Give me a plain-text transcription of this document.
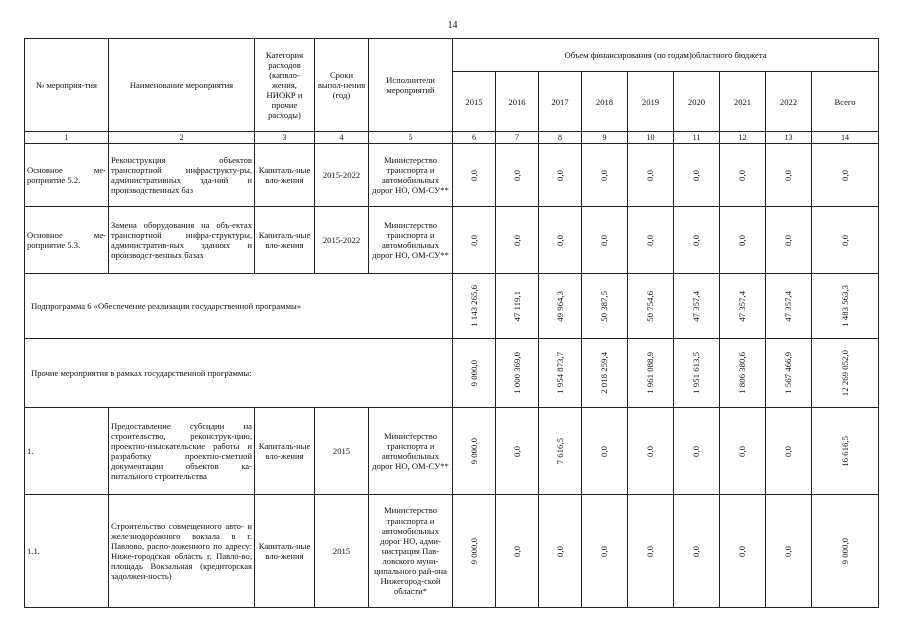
14
№ мероприя-тия	Наименование мероприятия	Категория расходов (капвло-жения, НИОКР и прочие расходы)	Сроки выпол-нения (год)	Исполнители мероприятий	Объем финансирования (по годам)областного бюджета								
					2015	2016	2017	2018	2019	2020	2021	2022	Всего
1	2	3	4	5	6	7	8	9	10	11	12	13	14
Основное ме-роприятие 5.2.	Реконструкция объектов транспортной инфраструкту-ры, административных зда-ний и производственных баз	Капиталь-ные вло-жения	2015-2022	Министерство транспорта и автомобильных дорог НО, ОМ-СУ**	0,0	0,0	0,0	0,0	0,0	0,0	0,0	0,0	0,0

Основное ме-роприятие 5.3.	Замена оборудования на объ-ектах транспортной инфра-структуры, административ-ных зданиях и производст-венных базах	Капиталь-ные вло-жения	2015-2022	Министерство транспорта и автомобильных дорог НО, ОМ-СУ**	0,0	0,0	0,0	0,0	0,0	0,0	0,0	0,0	0,0

Подпрограмма 6 «Обеспечение реализации государственной программы»					1 143 265,6	47 119,1	49 964,3	50 387,5	50 754,6	47 357,4	47 357,4	47 357,4	1 483 563,3

Прочие мероприятия в рамках государственной программы:					9 000,0	1 000 369,0	1 954 873,7	2 018 259,4	1 961 088,9	1 951 613,5	1 806 380,6	1 567 466,9	12 269 052,0

1.	Предоставление субсидии на строительство, реконструк-цию, проектно-изыскательские работы и разработку проектно-сметной документации объектов ка-питального строительства	Капиталь-ные вло-жения	2015	Министерство транспорта и автомобильных дорог НО, ОМ-СУ**	9 000,0	0,0	7 616,5	0,0	0,0	0,0	0,0	0,0	16 616,5

1.1.	Строительство совмещенного авто- и железнодорожного вокзала в г. Павлово, распо-ложенного по адресу: Ниже-городская область г. Павло-во, площадь Вокзальная (кредиторская задолжен-ность)	Капиталь-ные вло-жения	2015	Министерство транспорта и автомобильных дорог НО, адми-нистрация Пав-ловского муни-ципального рай-она Нижегород-ской области*	9 000,0	0,0	0,0	0,0	0,0	0,0	0,0	0,0	9 000,0
